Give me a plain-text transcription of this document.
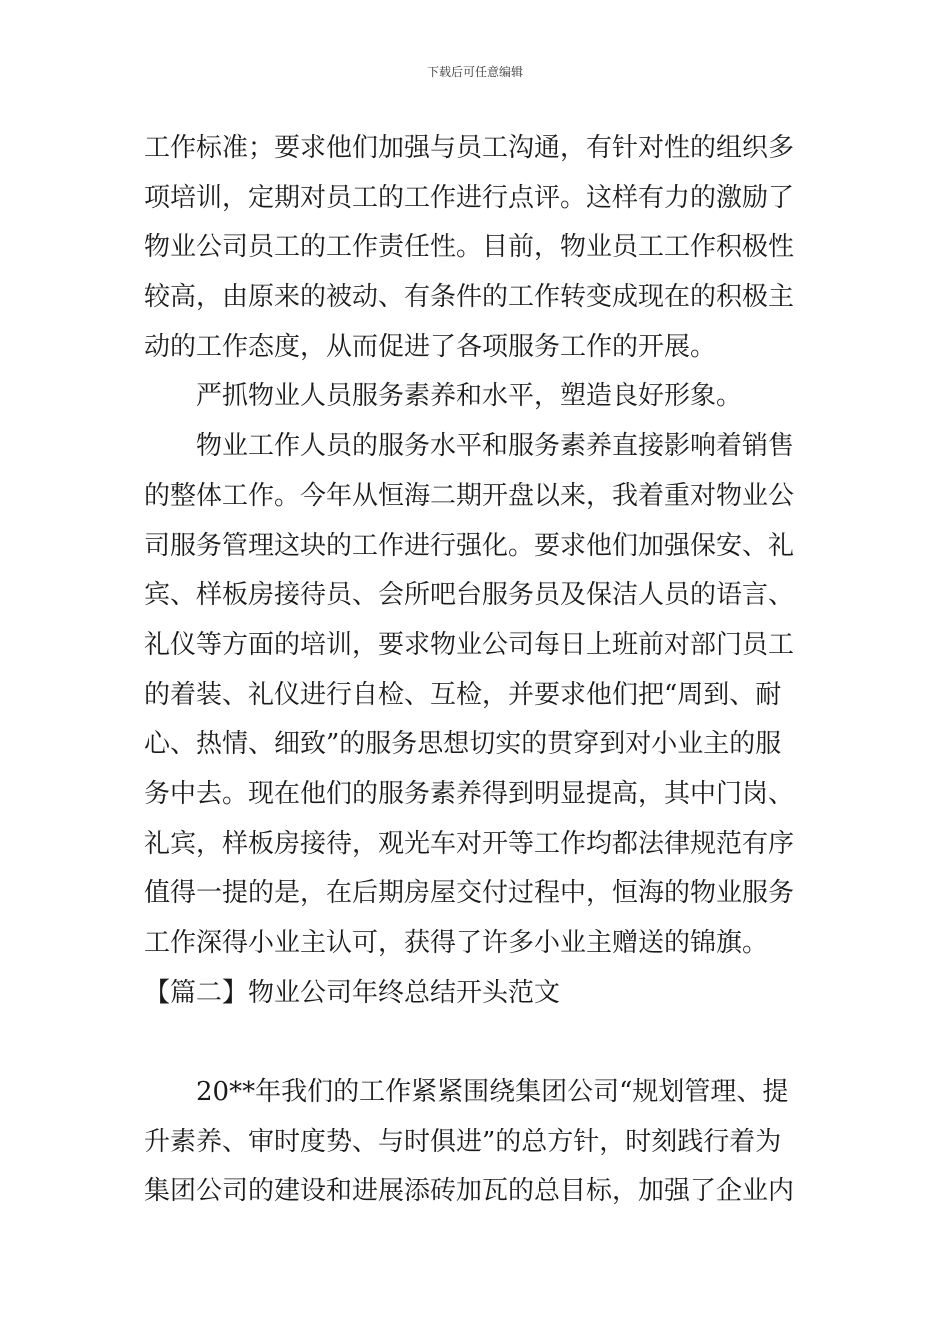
下载后可任意编辑
工作标准；要求他们加强与员工沟通，有针对性的组织多
项培训，定期对员工的工作进行点评。这样有力的激励了
物业公司员工的工作责任性。目前，物业员工工作积极性
较高，由原来的被动、有条件的工作转变成现在的积极主
动的工作态度，从而促进了各项服务工作的开展。
严抓物业人员服务素养和水平，塑造良好形象。
物业工作人员的服务水平和服务素养直接影响着销售
的整体工作。今年从恒海二期开盘以来，我着重对物业公
司服务管理这块的工作进行强化。要求他们加强保安、礼
宾、样板房接待员、会所吧台服务员及保洁人员的语言、
礼仪等方面的培训，要求物业公司每日上班前对部门员工
的着装、礼仪进行自检、互检，并要求他们把“周到、耐
心、热情、细致”的服务思想切实的贯穿到对小业主的服
务中去。现在他们的服务素养得到明显提高，其中门岗、
礼宾，样板房接待，观光车对开等工作均都法律规范有序
值得一提的是，在后期房屋交付过程中，恒海的物业服务
工作深得小业主认可，获得了许多小业主赠送的锦旗。
【篇二】物业公司年终总结开头范文
20**年我们的工作紧紧围绕集团公司“规划管理、提
升素养、审时度势、与时俱进”的总方针，时刻践行着为
集团公司的建设和进展添砖加瓦的总目标，加强了企业内
